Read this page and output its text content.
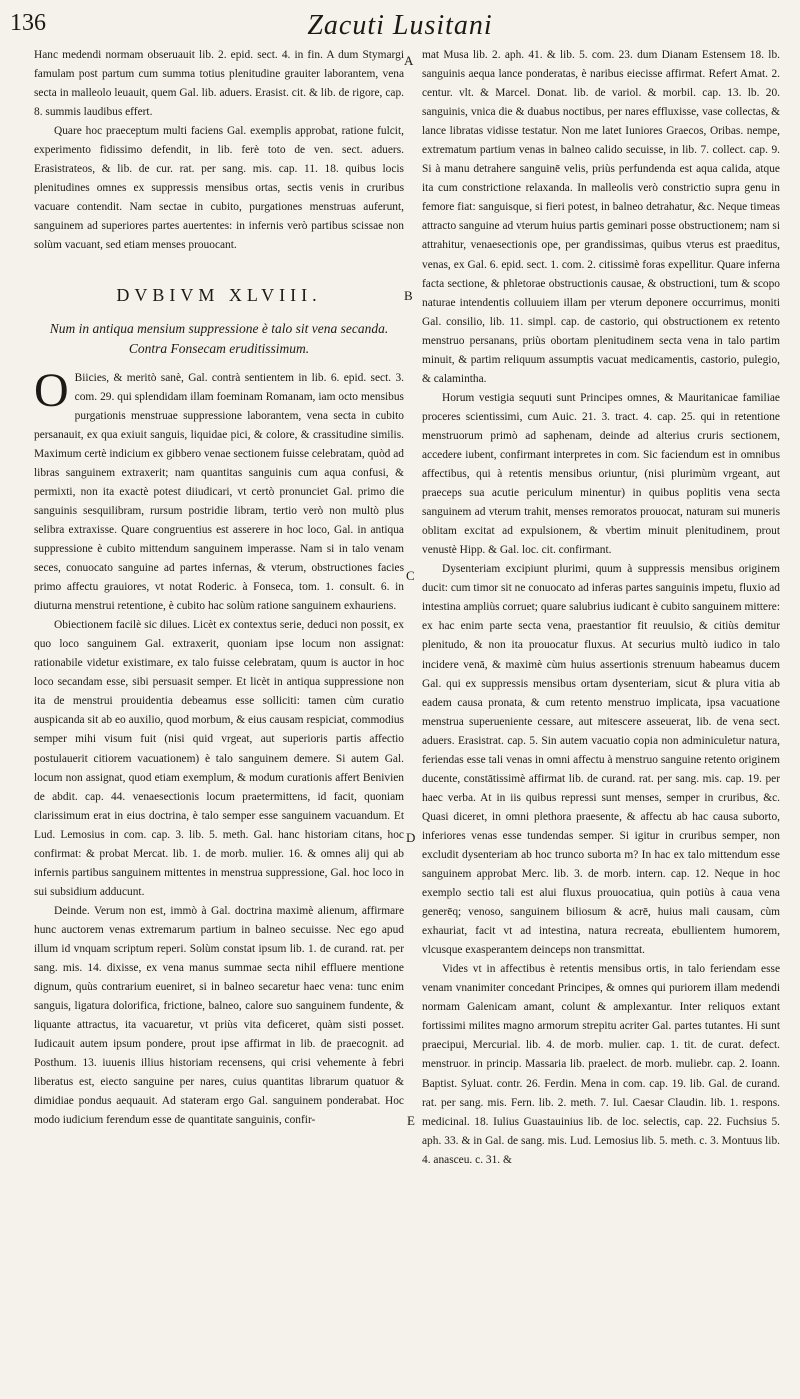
136	Zacuti Lusitani
A
B
C
D
E

Hanc medendi normam obseruauit lib. 2. epid. sect. 4. in fin. A dum Stymargi famulam post partum cum summa totius plenitudine grauiter laborantem, vena secta in malleolo leuauit, quem Gal. lib. aduers. Erasist. cit. & lib. de rigore, cap. 8. summis laudibus effert.

Quare hoc praeceptum multi faciens Gal. exemplis approbat, ratione fulcit, experimento fidissimo defendit, in lib. ferè toto de ven. sect. aduers. Erasistrateos, & lib. de cur. rat. per sang. mis. cap. 11. 18. quibus locis plenitudines omnes ex suppressis mensibus ortas, sectis venis in cruribus vacuare contendit. Nam sectae in cubito, purgationes menstruas auferunt, sanguinem ad superiores partes auertentes: in infernis verò partibus scissae non solùm vacuant, sed etiam menses prouocant.

DVBIVM XLVIII.
Num in antiqua mensium suppressione è talo sit vena secanda. Contra Fonsecam eruditissimum.

O Biicies, & meritò sanè, Gal. contrà sentientem in lib. 6. epid. sect. 3. com. 29. qui splendidam illam foeminam Romanam, iam octo mensibus purgationis menstruae suppressione laborantem, vena secta in cubito persanauit, ex qua exiuit sanguis, liquidae pici, & colore, & crassitudine similis. Maximum certè indicium ex gibbero venae sectionem fuisse celebratam, quòd ad libras sanguinem extraxerit; nam quantitas sanguinis cum aqua confusi, & permixti, non ita exactè potest diiudicari, vt certò pronunciet Gal. primo die sanguinis sesquilibram, rursum postridie libram, tertio verò non multò plus selibra extraxisse. Quare congruentius est asserere in hoc loco, Gal. in antiqua suppressione è cubito mittendum sanguinem imperasse. Nam si in talo venam seces, conuocato sanguine ad partes infernas, & vterum, obstructiones facies primo affectu grauiores, vt notat Roderic. à Fonseca, tom. 1. consult. 6. in diuturna menstrui retentione, è cubito hac solùm ratione sanguinem exhauriens.

Obiectionem facilè sic dilues. Licèt ex contextus serie, deduci non possit, ex quo loco sanguinem Gal. extraxerit, quoniam ipse locum non assignat: rationabile videtur existimare, ex talo fuisse celebratam, quum is auctor in hoc loco secandam esse, sibi persuasit semper. Et licèt in antiqua suppressione non ita de menstrui prouidentia debeamus esse solliciti: tamen cùm curatio auspicanda sit ab eo auxilio, quod morbum, & eius causam respiciat, commodius semper mihi visum fuit (nisi quid vrgeat, aut superioris partis affectio postulauerit citiorem vacuationem) è talo sanguinem demere. Si autem Gal. locum non assignat, quod etiam exemplum, & modum curationis affert Benivien de abdit. cap. 44. venaesectionis locum praetermittens, id facit, quoniam clarissimum erat in eius doctrina, è talo semper esse sanguinem vacuandum. Et Lud. Lemosius in com. cap. 3. lib. 5. meth. Gal. hanc historiam citans, hoc confirmat: & probat Mercat. lib. 1. de morb. mulier. 16. & omnes alij qui ab infernis partibus sanguinem mittentes in menstrua suppressione, Gal. hoc loco in sui subsidium adducunt.

Deinde. Verum non est, immò à Gal. doctrina maximè alienum, affirmare hunc auctorem venas extremarum partium in balneo secuisse. Nec ego apud illum id vnquam scriptum reperi. Solùm constat ipsum lib. 1. de curand. rat. per sang. mis. 14. dixisse, ex vena manus summae secta nihil effluere mentione dignum, quùs contrarium eueniret, si in balneo secaretur haec vena: tunc enim sanguis, ligatura dolorifica, frictione, balneo, calore suo sanguinem fundente, & liquante attractus, ita vacuaretur, vt priùs vita deficeret, quàm sisti posset. Iudicauit autem ipsum pondere, prout ipse affirmat in lib. de praecognit. ad Posthum. 13. iuuenis illius historiam recensens, qui crisi vehemente à febri liberatus est, eiecto sanguine per nares, cuius quantitas librarum quatuor & dimidiae pondus aequauit. Ad stateram ergo Gal. sanguinem ponderabat. Hoc modo iudicium ferendum esse de quantitate sanguinis, confir-

mat Musa lib. 2. aph. 41. & lib. 5. com. 23. dum Dianam Estensem 18. lb. sanguinis aequa lance ponderatas, è naribus eiecisse affirmat. Refert Amat. 2. centur. vlt. & Marcel. Donat. lib. de variol. & morbil. cap. 13. lb. 20. sanguinis, vnica die & duabus noctibus, per nares effluxisse, vase collectas, & lance libratas vidisse testatur. Non me latet Iuniores Graecos, Oribas. nempe, extrematum partium venas in balneo calido secuisse, in lib. 7. collect. cap. 9. Si à manu detrahere sanguinē velis, priùs perfundenda est aqua calida, atque ita cum constrictione relaxanda. In malleolis verò constrictio supra genu in femore fiat: sanguisque, si fieri potest, in balneo detrahatur, &c. Neque timeas attracto sanguine ad vterum huius partis geminari posse obstructionem; nam si attrahitur, venaesectionis ope, per grandissimas, quibus vterus est praeditus, venas, ex Gal. 6. epid. sect. 1. com. 2. citissimè foras expellitur. Quare inferna facta sectione, & phletorae obstructionis causae, & obstructioni, tum & scopo naturae intendentis colluuiem illam per vterum deponere occurrimus, moniti Gal. consilio, lib. 11. simpl. cap. de castorio, qui obstructionem ex retento menstruo persanans, priùs obortam plenitudinem secta vena in talo partim minuit, & partim reliquum assumptis vacuat medicamentis, castorio, pulegio, & calamintha.

Horum vestigia sequuti sunt Principes omnes, & Mauritanicae familiae proceres scientissimi, cum Auic. 21. 3. tract. 4. cap. 25. qui in retentione menstruorum primò ad saphenam, deinde ad alterius cruris sectionem, accedere iubent, confirmant interpretes in com. Sic faciendum est in omnibus affectibus, qui à retentis mensibus oriuntur, (nisi plurimùm vrgeant, aut praeceps sua acutie periculum minentur) in quibus poplitis vena secta sanguinem ad vterum trahit, menses remoratos prouocat, naturam sui muneris oblitam excitat ad expulsionem, & vbertim minuit plenitudinem, prout venustè Hipp. & Gal. loc. cit. confirmant.

Dysenteriam excipiunt plurimi, quum à suppressis mensibus originem ducit: cum timor sit ne conuocato ad inferas partes sanguinis impetu, fluxio ad intestina ampliùs corruet; quare salubrius iudicant è cubito sanguinem mittere: ex hac enim parte secta vena, praestantior fit reuulsio, & citiùs demitur plenitudo, & non ita prouocatur fluxus. At securius multò iudico in talo incidere venā, & maximè cùm huius assertionis strenuum habeamus ducem Gal. qui ex suppressis mensibus ortam dysenteriam, sicut & plura vitia ab eadem causa pronata, & cum retento menstruo implicata, ipsa vacuatione menstrua superueniente cessare, aut mitescere asseuerat, lib. de vena sect. aduers. Erasistrat. cap. 5. Sin autem vacuatio copia non adminiculetur natura, feriendas esse tali venas in omni affectu à menstruo sanguine retento originem ducente, constātissimè affirmat lib. de curand. rat. per sang. mis. cap. 19. per haec verba. At in iis quibus repressi sunt menses, semper in cruribus, &c. Quasi diceret, in omni plethora praesente, & affectu ab hac causa suborto, inferiores venas esse tundendas semper. Si igitur in cruribus semper, non excludit dysenteriam ab hoc trunco suborta m? In hac ex talo mittendum esse sanguinem approbat Merc. lib. 3. de morb. intern. cap. 12. Neque in hoc exemplo sectio tali est alui fluxus prouocatiua, quin potiùs à caua vena generēq; venoso, sanguinem biliosum & acrē, huius mali causam, cùm exhauriat, facit vt ad intestina, natura recreata, ebullientem humorem, vlcusque exasperantem deinceps non transmittat.

Vides vt in affectibus è retentis mensibus ortis, in talo feriendam esse venam vnanimiter concedant Principes, & omnes qui puriorem illam medendi normam Galenicam amant, colunt & amplexantur. Inter reliquos extant fortissimi milites magno armorum strepitu acriter Gal. partes tutantes. Hi sunt praecipui, Mercurial. lib. 4. de morb. mulier. cap. 1. tit. de curat. defect. menstruor. in princip. Massaria lib. praelect. de morb. muliebr. cap. 2. Ioann. Baptist. Syluat. contr. 26. Ferdin. Mena in com. cap. 19. lib. Gal. de curand. rat. per sang. mis. Fern. lib. 2. meth. 7. Iul. Caesar Claudin. lib. 1. respons. medicinal. 18. Iulius Guastauinius lib. de loc. selectis, cap. 22. Fuchsius 5. aph. 33. & in Gal. de sang. mis. Lud. Lemosius lib. 5. meth. c. 3. Montuus lib. 4. anasceu. c. 31. &
